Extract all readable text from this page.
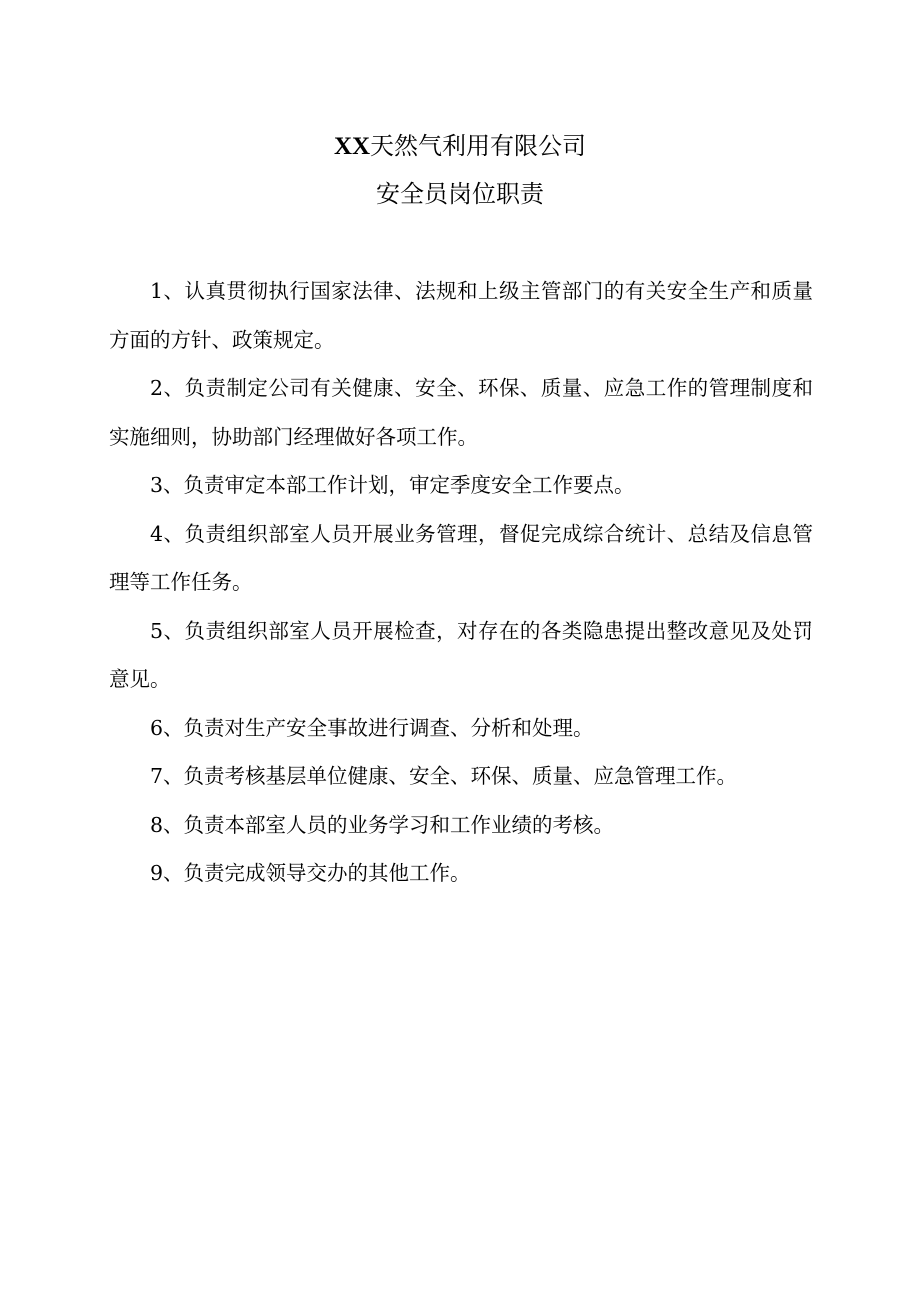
XX天然气利用有限公司
安全员岗位职责

1、认真贯彻执行国家法律、法规和上级主管部门的有关安全生产和质量方面的方针、政策规定。

2、负责制定公司有关健康、安全、环保、质量、应急工作的管理制度和实施细则，协助部门经理做好各项工作。

3、负责审定本部工作计划，审定季度安全工作要点。

4、负责组织部室人员开展业务管理，督促完成综合统计、总结及信息管理等工作任务。

5、负责组织部室人员开展检查，对存在的各类隐患提出整改意见及处罚意见。

6、负责对生产安全事故进行调查、分析和处理。

7、负责考核基层单位健康、安全、环保、质量、应急管理工作。

8、负责本部室人员的业务学习和工作业绩的考核。

9、负责完成领导交办的其他工作。
